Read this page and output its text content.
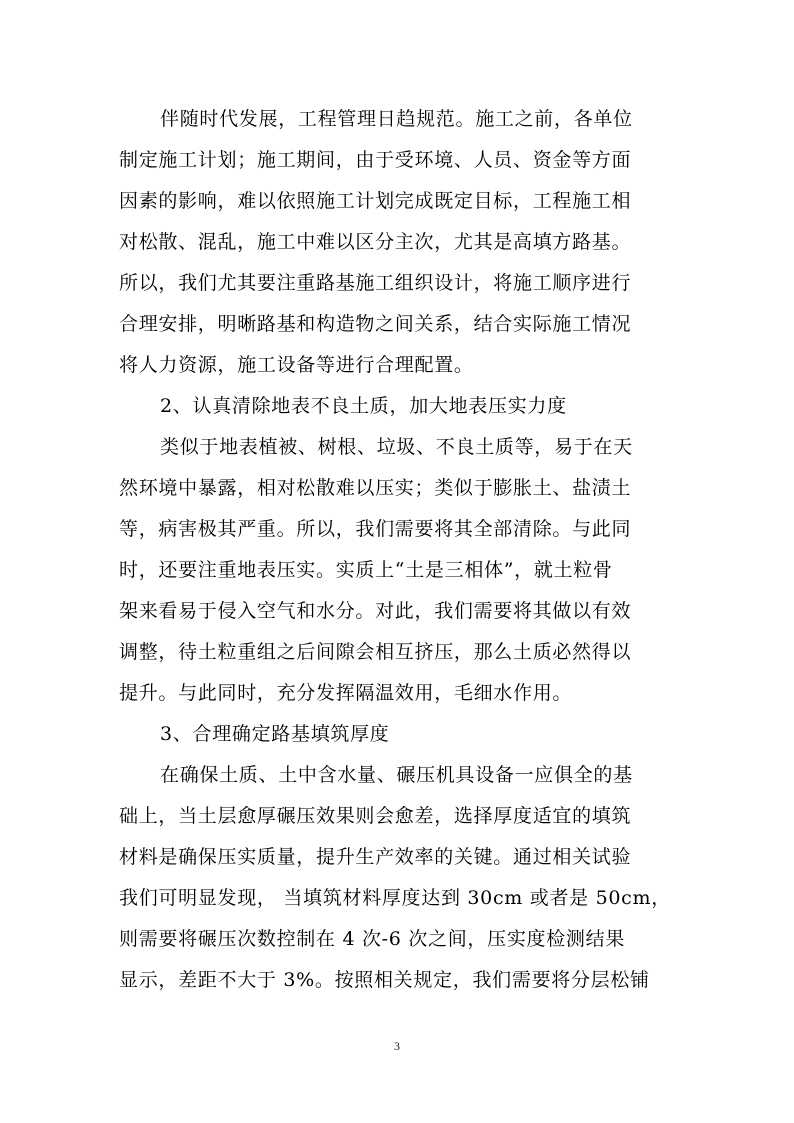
伴随时代发展，工程管理日趋规范。施工之前，各单位
制定施工计划；施工期间，由于受环境、人员、资金等方面
因素的影响，难以依照施工计划完成既定目标，工程施工相
对松散、混乱，施工中难以区分主次，尤其是高填方路基。
所以，我们尤其要注重路基施工组织设计，将施工顺序进行
合理安排，明晰路基和构造物之间关系，结合实际施工情况
将人力资源，施工设备等进行合理配置。
2、认真清除地表不良土质，加大地表压实力度
类似于地表植被、树根、垃圾、不良土质等，易于在天
然环境中暴露，相对松散难以压实；类似于膨胀土、盐渍土
等，病害极其严重。所以，我们需要将其全部清除。与此同
时，还要注重地表压实。实质上“土是三相体”，就土粒骨
架来看易于侵入空气和水分。对此，我们需要将其做以有效
调整，待土粒重组之后间隙会相互挤压，那么土质必然得以
提升。与此同时，充分发挥隔温效用，毛细水作用。
3、合理确定路基填筑厚度
在确保土质、土中含水量、碾压机具设备一应俱全的基
础上，当土层愈厚碾压效果则会愈差，选择厚度适宜的填筑
材料是确保压实质量，提升生产效率的关键。通过相关试验
我们可明显发现， 当填筑材料厚度达到 30cm 或者是 50cm，
则需要将碾压次数控制在 4 次-6 次之间，压实度检测结果
显示，差距不大于 3%。按照相关规定，我们需要将分层松铺
3
